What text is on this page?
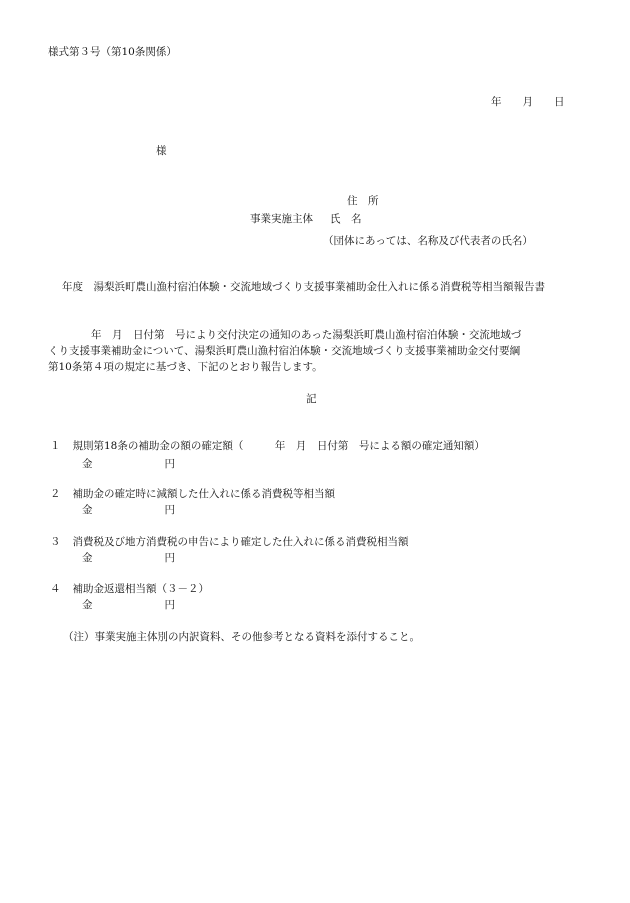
様式第３号（第10条関係）
年　　月　　日
様
住　所
事業実施主体 氏　名
（団体にあっては、名称及び代表者の氏名）
年度　湯梨浜町農山漁村宿泊体験・交流地域づくり支援事業補助金仕入れに係る消費税等相当額報告書
年　月　日付第　号により交付決定の通知のあった湯梨浜町農山漁村宿泊体験・交流地域づ
くり支援事業補助金について、湯梨浜町農山漁村宿泊体験・交流地域づくり支援事業補助金交付要綱
第10条第４項の規定に基づき、下記のとおり報告します。
記
１ 規則第18条の補助金の額の確定額（　　　年　月　日付第　号による額の確定通知額）
金	円
２ 補助金の確定時に減額した仕入れに係る消費税等相当額
金	円
３ 消費税及び地方消費税の申告により確定した仕入れに係る消費税相当額
金	円
４ 補助金返還相当額（３－２）
金	円
（注）事業実施主体別の内訳資料、その他参考となる資料を添付すること。
